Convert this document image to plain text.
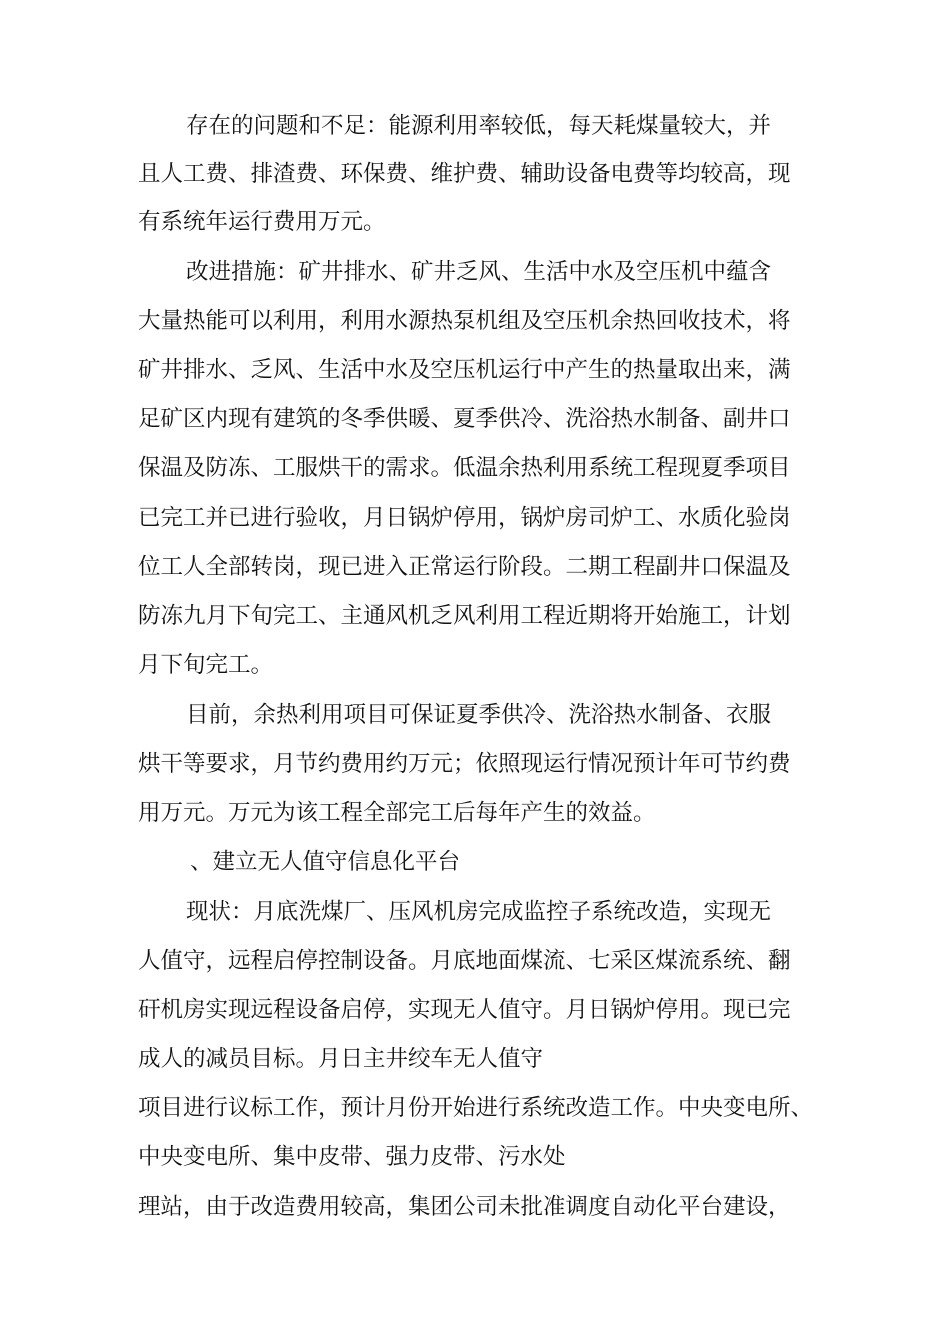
存在的问题和不足：能源利用率较低，每天耗煤量较大，并

且人工费、排渣费、环保费、维护费、辅助设备电费等均较高，现

有系统年运行费用万元。

改进措施：矿井排水、矿井乏风、生活中水及空压机中蕴含

大量热能可以利用，利用水源热泵机组及空压机余热回收技术，将

矿井排水、乏风、生活中水及空压机运行中产生的热量取出来，满

足矿区内现有建筑的冬季供暖、夏季供冷、洗浴热水制备、副井口

保温及防冻、工服烘干的需求。低温余热利用系统工程现夏季项目

已完工并已进行验收，月日锅炉停用，锅炉房司炉工、水质化验岗

位工人全部转岗，现已进入正常运行阶段。二期工程副井口保温及

防冻九月下旬完工、主通风机乏风利用工程近期将开始施工，计划

月下旬完工。

目前，余热利用项目可保证夏季供冷、洗浴热水制备、衣服

烘干等要求，月节约费用约万元；依照现运行情况预计年可节约费

用万元。万元为该工程全部完工后每年产生的效益。

、建立无人值守信息化平台

现状：月底洗煤厂、压风机房完成监控子系统改造，实现无

人值守，远程启停控制设备。月底地面煤流、七采区煤流系统、翻

矸机房实现远程设备启停，实现无人值守。月日锅炉停用。现已完

成人的减员目标。月日主井绞车无人值守

项目进行议标工作，预计月份开始进行系统改造工作。中央变电所、

中央变电所、集中皮带、强力皮带、污水处

理站，由于改造费用较高，集团公司未批准调度自动化平台建设，
